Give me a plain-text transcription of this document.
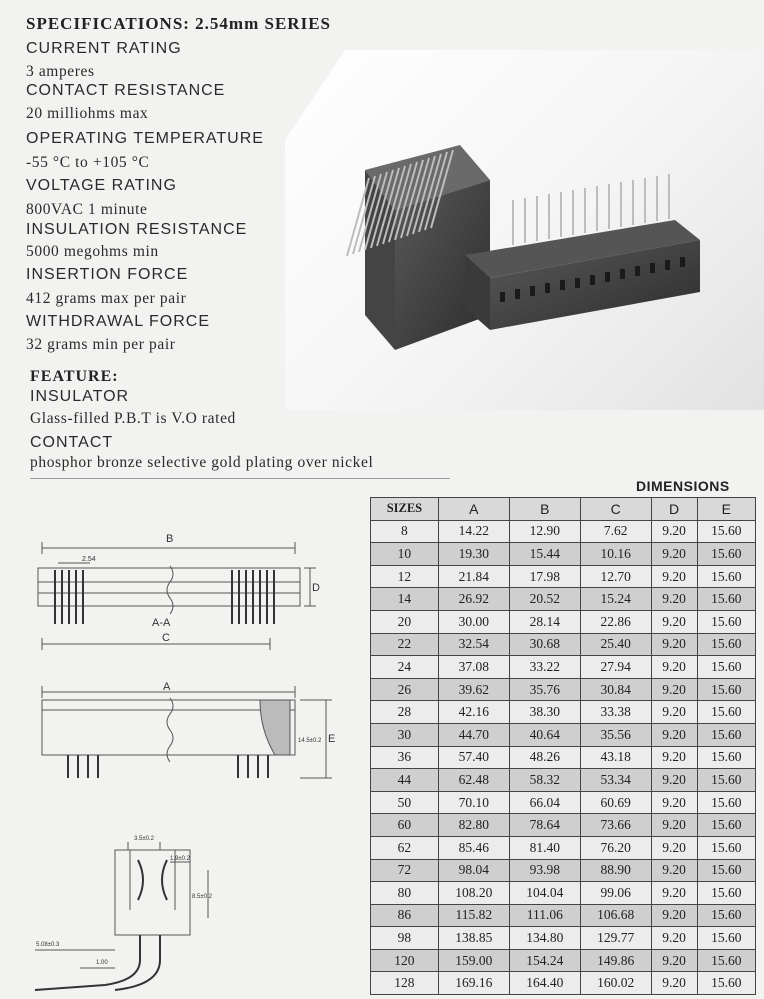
SPECIFICATIONS: 2.54mm SERIES
CURRENT RATING
3 amperes
CONTACT RESISTANCE
20 milliohms max
OPERATING TEMPERATURE
-55 °C to +105 °C
VOLTAGE RATING
800VAC 1 minute
INSULATION RESISTANCE
5000 megohms min
INSERTION FORCE
412 grams max per pair
WITHDRAWAL FORCE
32 grams min per pair
FEATURE:
INSULATOR
Glass-filled P.B.T is V.O rated
CONTACT
phosphor bronze selective gold plating over nickel
DIMENSIONS
SIZES	A	B	C	D	E
8	14.22	12.90	7.62	9.20	15.60
10	19.30	15.44	10.16	9.20	15.60
12	21.84	17.98	12.70	9.20	15.60
14	26.92	20.52	15.24	9.20	15.60
20	30.00	28.14	22.86	9.20	15.60
22	32.54	30.68	25.40	9.20	15.60
24	37.08	33.22	27.94	9.20	15.60
26	39.62	35.76	30.84	9.20	15.60
28	42.16	38.30	33.38	9.20	15.60
30	44.70	40.64	35.56	9.20	15.60
36	57.40	48.26	43.18	9.20	15.60
44	62.48	58.32	53.34	9.20	15.60
50	70.10	66.04	60.69	9.20	15.60
60	82.80	78.64	73.66	9.20	15.60
62	85.46	81.40	76.20	9.20	15.60
72	98.04	93.98	88.90	9.20	15.60
80	108.20	104.04	99.06	9.20	15.60
86	115.82	111.06	106.68	9.20	15.60
98	138.85	134.80	129.77	9.20	15.60
120	159.00	154.24	149.86	9.20	15.60
128	169.16	164.40	160.02	9.20	15.60
B
2.54
D
A-A
C
A
14.5±0.2 E
3.5±0.2
1.9±0.2
8.5±0.2
5.08±0.3
1.00
